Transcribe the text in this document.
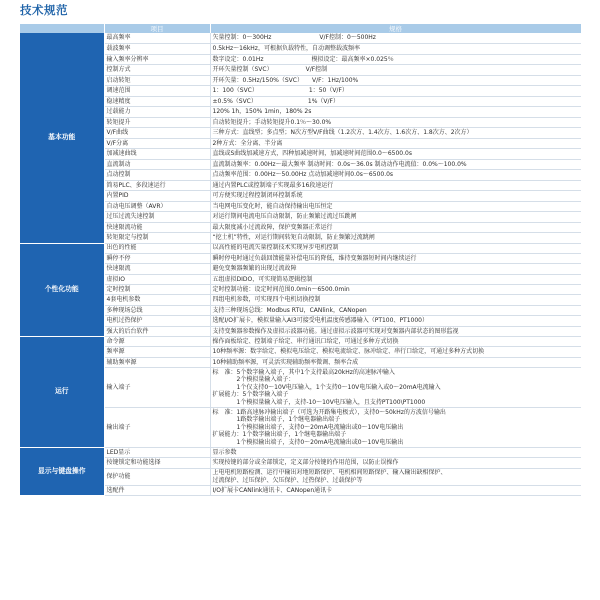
技术规范
	项目	规格
基本功能	最高频率	矢量控制：0～300Hz　　　　　　　　V/F控制：0～500Hz

	载波频率	0.5kHz～16kHz，可根据负载特性，自动调整载波频率

	输入频率分辨率	数字设定：0.01Hz　　　　　　　　模拟设定：最高频率×0.025％

	控制方式	开环矢量控制（SVC）　　　　　　V/F控制

	启动转矩	开环矢量：0.5Hz/150%（SVC）　　V/F：1Hz/100%

	调速范围	1：100（SVC）　　　　　　　　　1：50（V/F）

	稳速精度	±0.5%（SVC）　　　　　　　　　1%（V/F）

	过载能力	120% 1h，150% 1min，180% 2s

	转矩提升	自动转矩提升；手动转矩提升0.1％～30.0%

	V/F曲线	三种方式：直线型；多点型；N次方型V/F曲线（1.2次方、1.4次方、1.6次方、1.8次方、2次方）

	V/F分离	2种方式：全分离、半分离

	加减速曲线	直线或S曲线加减速方式，四种加减速时间，加减速时间范围0.0～6500.0s

	直流制动	直流制动频率：0.00Hz～最大频率 制动时间：0.0s～36.0s 制动动作电流值：0.0%～100.0%

	点动控制	点动频率范围：0.00Hz～50.00Hz 点动加减速时间0.0s～6500.0s

	简易PLC、多段速运行	通过内置PLC或控制端子实现最多16段速运行

	内置PID	可方便实现过程控制闭环控制系统

	自动电压调整（AVR）	当电网电压变化时，能自动保持输出电压恒定

	过压过流失速控制	对运行期间电流电压自动限制，防止频繁过流过压跳闸

	快速限流功能	最大限度减小过流故障，保护变频器正常运行

	转矩限定与控制	“挖土机”特性，对运行期间转矩自动限制，防止频繁过流跳闸

个性化功能	出色的性能	以高性能的电流矢量控制技术实现异步电机控制

	瞬停不停	瞬时停电时通过负载回馈能量补偿电压的降低，维持变频器短时间内继续运行

	快速限流	避免变频器频繁的出现过流故障

	虚拟IO	五组虚拟DIDO，可实现简易逻辑控制

	定时控制	定时控制功能：设定时间范围0.0min～6500.0min

	4套电机参数	四组电机参数，可实现四个电机切换控制

	多种现场总线	支持三种现场总线：Modbus RTU，CANlink，CANopen

	电机过热保护	选配I/O扩展卡，模拟量输入AI3可接受电机温度传感器输入（PT100、PT1000）

	强大的后台软件	支持变频器参数操作及虚拟示波器功能。通过虚拟示波器可实现对变频器内部状态的图形监视

运行	命令源	操作面板给定、控制端子给定、串行通讯口给定，可通过多种方式切换

	频率源	10种频率源：数字给定、模拟电压给定、模拟电流给定、脉冲给定、串行口给定，可通过多种方式切换

	辅助频率源	10种辅助频率源，可灵活实现辅助频率微调、频率合成

	输入端子	标　准：5个数字输入端子，其中1个支持最高20kHz的高速脉冲输入
　　　　2个模拟量输入端子：
　　　　1个仅支持0～10V电压输入，1个支持0～10V电压输入或0～20mA电流输入
扩展能力：5个数字输入端子
　　　　1个模拟量输入端子，支持-10～10V电压输入，且支持PT100\PT1000

	输出端子	标　准：1路高速脉冲输出端子（可选为开路集电极式），支持0～50kHz的方波信号输出
　　　　1路数字输出端子，1个继电器输出端子
　　　　1个模拟输出端子，支持0～20mA电流输出或0～10V电压输出
扩展能力：1个数字输出端子，1个继电器输出端子
　　　　1个模拟输出端子，支持0～20mA电流输出或0～10V电压输出

显示与键盘操作	LED显示	显示参数

	按键锁定和功能选择	实现按键的部分或全部锁定，定义部分按键的作用范围，以防止误操作

	保护功能	上电电机短路检测、运行中输出对地短路保护、电机相间短路保护、输入输出缺相保护、
过流保护、过压保护、欠压保护、过热保护、过载保护等

	选配件	I/O扩展卡CANlink通讯卡、CANopen通讯卡
